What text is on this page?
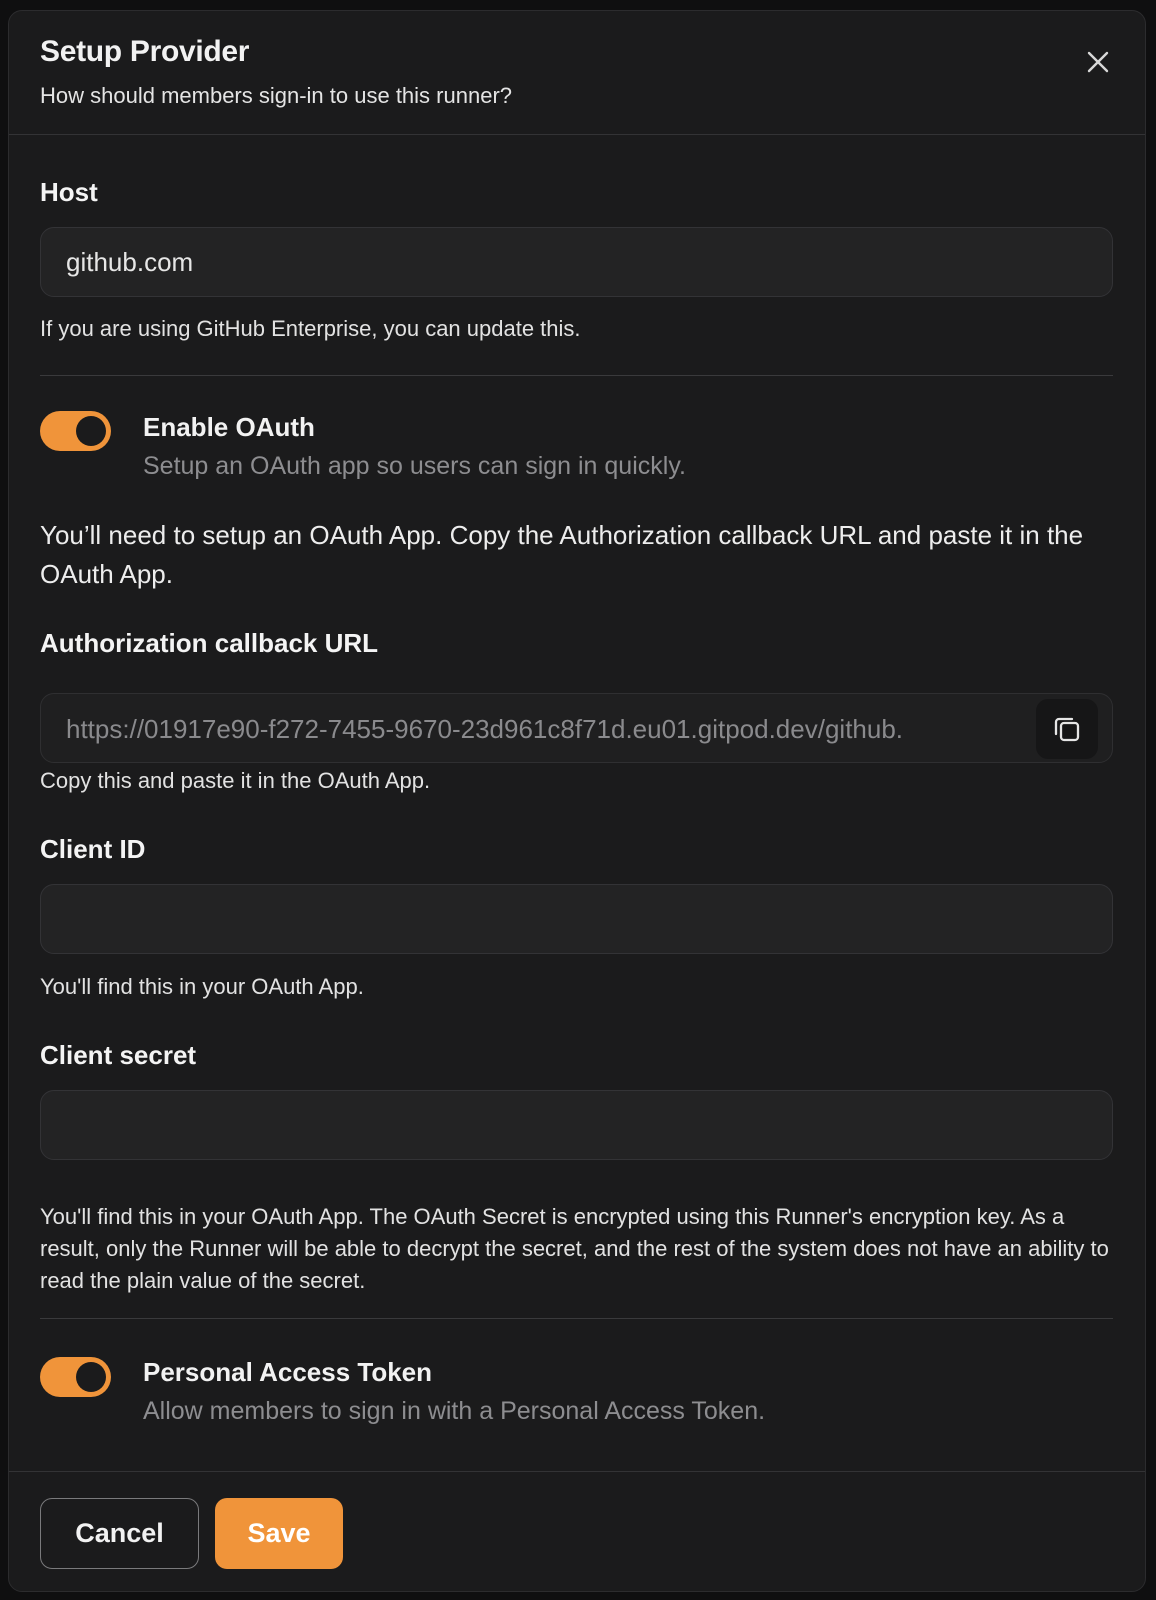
Setup Provider
How should members sign-in to use this runner?
Host
github.com
If you are using GitHub Enterprise, you can update this.
Enable OAuth
Setup an OAuth app so users can sign in quickly.
You’ll need to setup an OAuth App. Copy the Authorization callback URL and paste it in the OAuth App.
Authorization callback URL
https://01917e90-f272-7455-9670-23d961c8f71d.eu01.gitpod.dev/github.
Copy this and paste it in the OAuth App.
Client ID
You'll find this in your OAuth App.
Client secret
You'll find this in your OAuth App. The OAuth Secret is encrypted using this Runner's encryption key. As a result, only the Runner will be able to decrypt the secret, and the rest of the system does not have an ability to read the plain value of the secret.
Personal Access Token
Allow members to sign in with a Personal Access Token.
Cancel	Save
